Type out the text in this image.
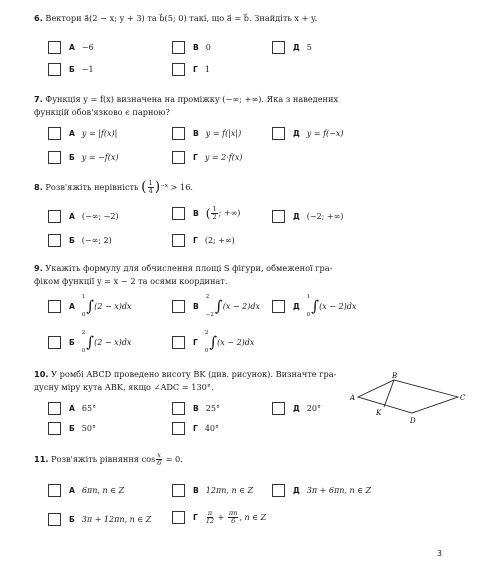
6. Вектори a⃗(2 − x; y + 3) та b⃗(5; 0) такі, що a⃗ = b⃗. Знайдіть x + y.

А −6	В 0	Д 5
Б −1	Г 1

7. Функція y = f(x) визначена на проміжку (−∞; +∞). Яка з наведених
функцій обов'язково є парною?

А y = |f(x)|	В y = f(|x|)	Д y = f(−x)
Б y = −f(x)	Г y = 2·f(x)

8.
Розв'яжіть нерівність
( $\frac{1}{4}$ ) −x
> 16.

А (−∞; −2)	В ( $\frac{1}{2}$ ; +∞)	Д (−2; +∞)
Б (−∞; 2)	Г (2; +∞)

9. Укажіть формулу для обчислення площі S фігури, обмеженої гра-
фіком функції y = x − 2 та осями координат.

А
1
0 ∫ (2 − x)dx	В
2
−2 ∫ (x − 2)dx	Д
1
0 ∫ (x − 2)dx
Б
2
0 ∫ (2 − x)dx	Г
2
0 ∫ (x − 2)dx

10. У ромбі ABCD проведено висоту BK (див. рисунок). Визначте гра-
дусну міру кута ABK, якщо ∠ADC = 130°.

А 65°	В 25°	Д 20°
Б 50°	Г 40°
A
B
C
D
K

11.
Розв'яжіть рівняння $\cos \frac{x}{6}$
= 0.

А 6πn, n ∈ Z	В 12πn, n ∈ Z	Д 3π + 6πn, n ∈ Z
Б 3π + 12πn, n ∈ Z	Г $\frac{\pi}{12} + \frac{\pi n}{6}$ , n ∈ Z
3
